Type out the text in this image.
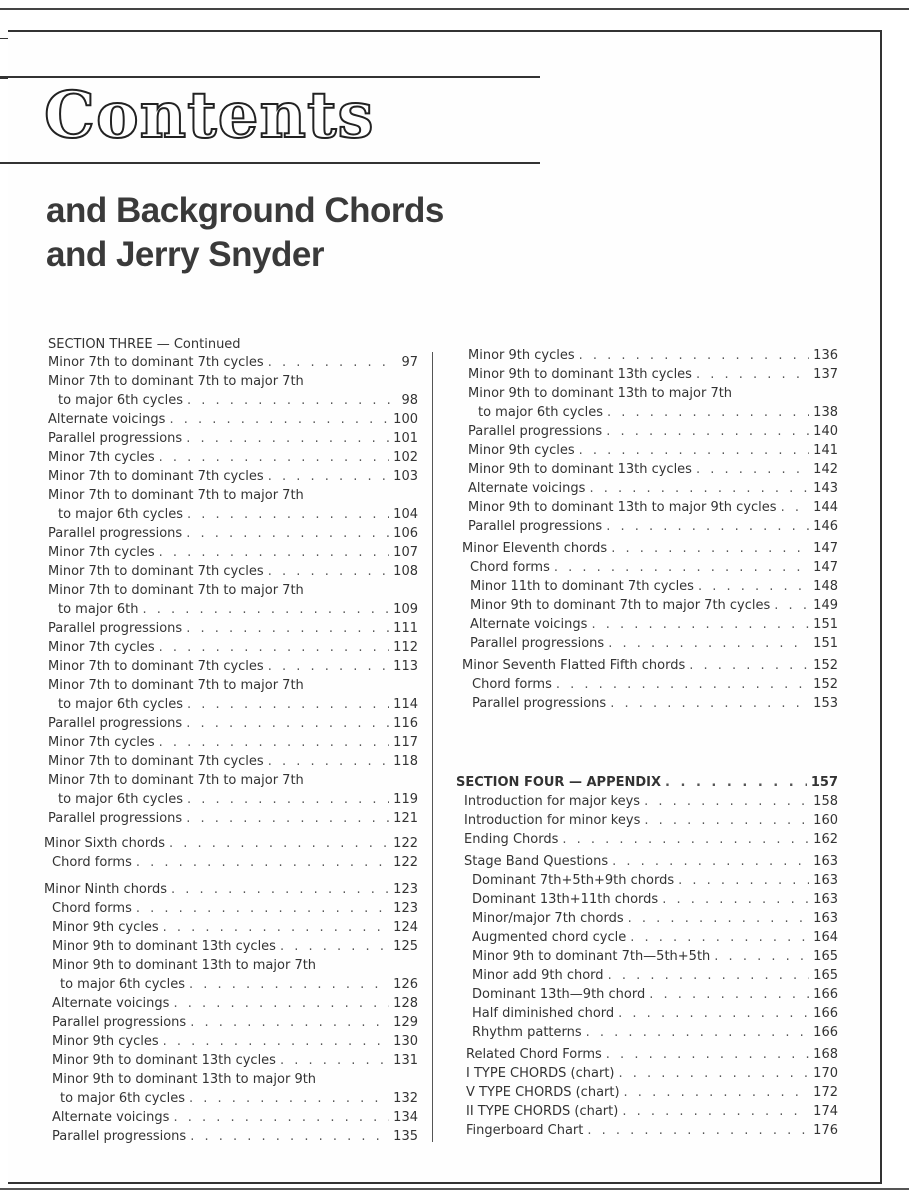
Contents
and Background Chords
and Jerry Snyder
SECTION THREE — Continued
Minor 7th to dominant 7th cycles . . .	97
Minor 7th to dominant 7th to major 7th
to major 6th cycles . . .	98
Alternate voicings . . .	100
Parallel progressions . . .	101
Minor 7th cycles . . .	102
Minor 7th to dominant 7th cycles . . .	103
Minor 7th to dominant 7th to major 7th
to major 6th cycles . . .	104
Parallel progressions . . .	106
Minor 7th cycles . . .	107
Minor 7th to dominant 7th cycles . . .	108
Minor 7th to dominant 7th to major 7th
to major 6th . . .	109
Parallel progressions . . .	111
Minor 7th cycles . . .	112
Minor 7th to dominant 7th cycles . . .	113
Minor 7th to dominant 7th to major 7th
to major 6th cycles . . .	114
Parallel progressions . . .	116
Minor 7th cycles . . .	117
Minor 7th to dominant 7th cycles . . .	118
Minor 7th to dominant 7th to major 7th
to major 6th cycles . . .	119
Parallel progressions . . .	121
Minor Sixth chords . . .	122
Chord forms . . .	122
Minor Ninth chords . . .	123
Chord forms . . .	123
Minor 9th cycles . . .	124
Minor 9th to dominant 13th cycles . . .	125
Minor 9th to dominant 13th to major 7th
to major 6th cycles . . .	126
Alternate voicings . . .	128
Parallel progressions . . .	129
Minor 9th cycles . . .	130
Minor 9th to dominant 13th cycles . . .	131
Minor 9th to dominant 13th to major 9th
to major 6th cycles . . .	132
Alternate voicings . . .	134
Parallel progressions . . .	135
Minor 9th cycles . . .	136
Minor 9th to dominant 13th cycles . . .	137
Minor 9th to dominant 13th to major 7th
to major 6th cycles . . .	138
Parallel progressions . . .	140
Minor 9th cycles . . .	141
Minor 9th to dominant 13th cycles . . .	142
Alternate voicings . . .	143
Minor 9th to dominant 13th to major 9th cycles . . .	144
Parallel progressions . . .	146
Minor Eleventh chords . . .	147
Chord forms . . .	147
Minor 11th to dominant 7th cycles . . .	148
Minor 9th to dominant 7th to major 7th cycles . . .	149
Alternate voicings . . .	151
Parallel progressions . . .	151
Minor Seventh Flatted Fifth chords . . .	152
Chord forms . . .	152
Parallel progressions . . .	153
SECTION FOUR — APPENDIX . . .	157
Introduction for major keys . . .	158
Introduction for minor keys . . .	160
Ending Chords . . .	162
Stage Band Questions . . .	163
Dominant 7th+5th+9th chords . . .	163
Dominant 13th+11th chords . . .	163
Minor/major 7th chords . . .	163
Augmented chord cycle . . .	164
Minor 9th to dominant 7th—5th+5th . . .	165
Minor add 9th chord . . .	165
Dominant 13th—9th chord . . .	166
Half diminished chord . . .	166
Rhythm patterns . . .	166
Related Chord Forms . . .	168
I TYPE CHORDS (chart) . . .	170
V TYPE CHORDS (chart) . . .	172
II TYPE CHORDS (chart) . . .	174
Fingerboard Chart . . .	176
